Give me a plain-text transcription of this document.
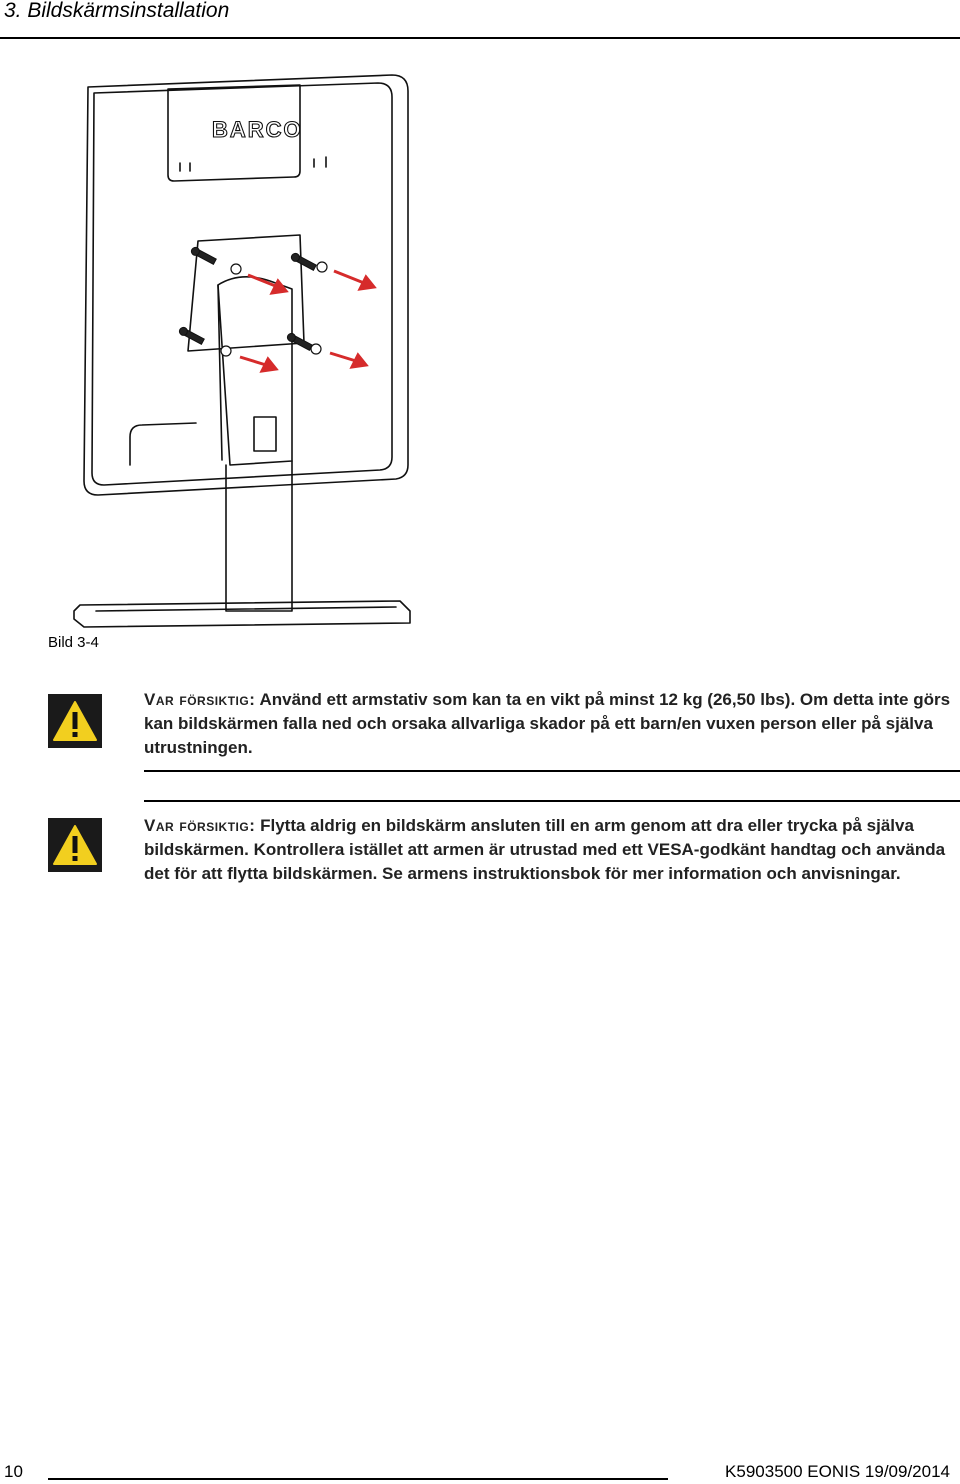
3. Bildskärmsinstallation
BARCO
Bild 3-4
Var försiktig: Använd ett armstativ som kan ta en vikt på minst 12 kg (26,50 lbs). Om detta inte görs kan bildskärmen falla ned och orsaka allvarliga skador på ett barn/en vuxen person eller på själva utrustningen.
Var försiktig: Flytta aldrig en bildskärm ansluten till en arm genom att dra eller trycka på själva bildskärmen. Kontrollera istället att armen är utrustad med ett VESA-godkänt handtag och använda det för att flytta bildskärmen. Se armens instruktionsbok för mer information och anvisningar.
10	K5903500 EONIS 19/09/2014
